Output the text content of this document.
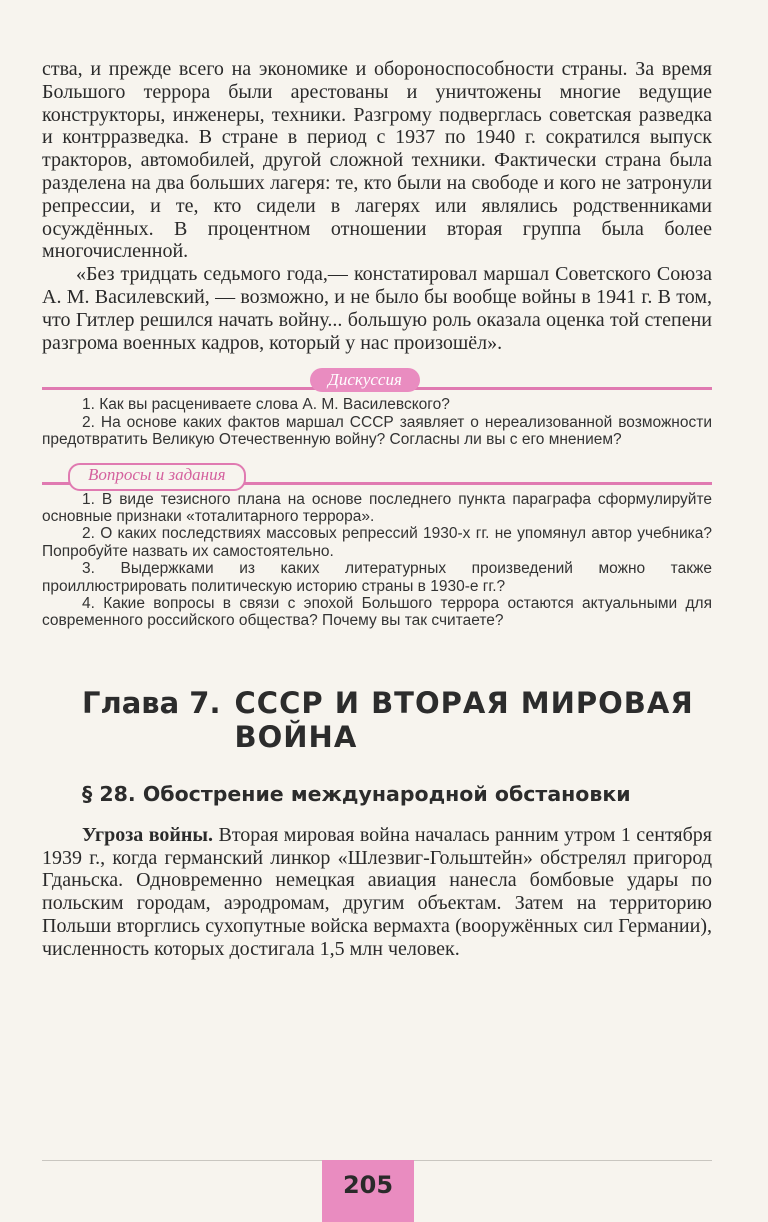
ства, и прежде всего на экономике и обороноспособности страны. За время Большого террора были арестованы и уничтожены многие ведущие конструкторы, инженеры, техники. Разгрому подверглась советская разведка и контрразведка. В стране в период с 1937 по 1940 г. сократился выпуск тракторов, автомобилей, другой сложной техники. Фактически страна была разделена на два больших лагеря: те, кто были на свободе и кого не затронули репрессии, и те, кто сидели в лагерях или являлись родственниками осуждённых. В процентном отношении вторая группа была более многочисленной.

«Без тридцать седьмого года,— констатировал маршал Советского Союза А. М. Василевский, — возможно, и не было бы вообще войны в 1941 г. В том, что Гитлер решился начать войну... большую роль оказала оценка той степени разгрома военных кадров, который у нас произошёл».

Дискуссия

1. Как вы расцениваете слова А. М. Василевского?

2. На основе каких фактов маршал СССР заявляет о нереализованной возможности предотвратить Великую Отечественную войну? Согласны ли вы с его мнением?

Вопросы и задания

1. В виде тезисного плана на основе последнего пункта параграфа сформулируйте основные признаки «тоталитарного террора».

2. О каких последствиях массовых репрессий 1930-х гг. не упомянул автор учебника? Попробуйте назвать их самостоятельно.

3. Выдержками из каких литературных произведений можно также проиллюстрировать политическую историю страны в 1930-е гг.?

4. Какие вопросы в связи с эпохой Большого террора остаются актуальными для современного российского общества? Почему вы так считаете?

Глава 7. СССР И ВТОРАЯ МИРОВАЯ ВОЙНА
§ 28. Обострение международной обстановки

Угроза войны. Вторая мировая война началась ранним утром 1 сентября 1939 г., когда германский линкор «Шлезвиг-Гольштейн» обстрелял пригород Гданьска. Одновременно немецкая авиация нанесла бомбовые удары по польским городам, аэродромам, другим объектам. Затем на территорию Польши вторглись сухопутные войска вермахта (вооружённых сил Германии), численность которых достигала 1,5 млн человек.

205
